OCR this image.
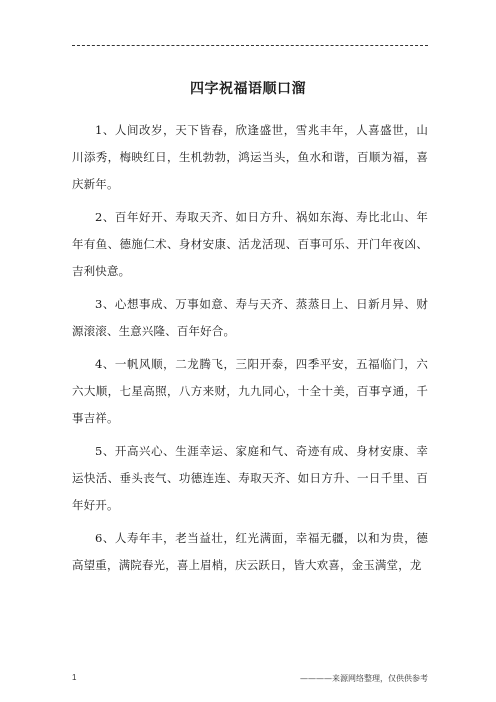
四字祝福语顺口溜

1、人间改岁，天下皆春，欣逢盛世，雪兆丰年，人喜盛世，山川添秀，梅映红日，生机勃勃，鸿运当头，鱼水和谐，百顺为福，喜庆新年。

2、百年好开、寿取天齐、如日方升、祸如东海、寿比北山、年年有鱼、德施仁术、身材安康、活龙活现、百事可乐、开门年夜凶、吉利快意。

3、心想事成、万事如意、寿与天齐、蒸蒸日上、日新月异、财源滚滚、生意兴隆、百年好合。

4、一帆风顺，二龙腾飞，三阳开泰，四季平安，五福临门，六六大顺，七星高照，八方来财，九九同心，十全十美，百事亨通，千事吉祥。

5、开高兴心、生涯幸运、家庭和气、奇迹有成、身材安康、幸运快活、垂头丧气、功德连连、寿取天齐、如日方升、一日千里、百年好开。

6、人寿年丰，老当益壮，红光满面，幸福无疆，以和为贵，德高望重，满院春光，喜上眉梢，庆云跃日，皆大欢喜，金玉满堂，龙

1	————来源网络整理，仅供供参考
